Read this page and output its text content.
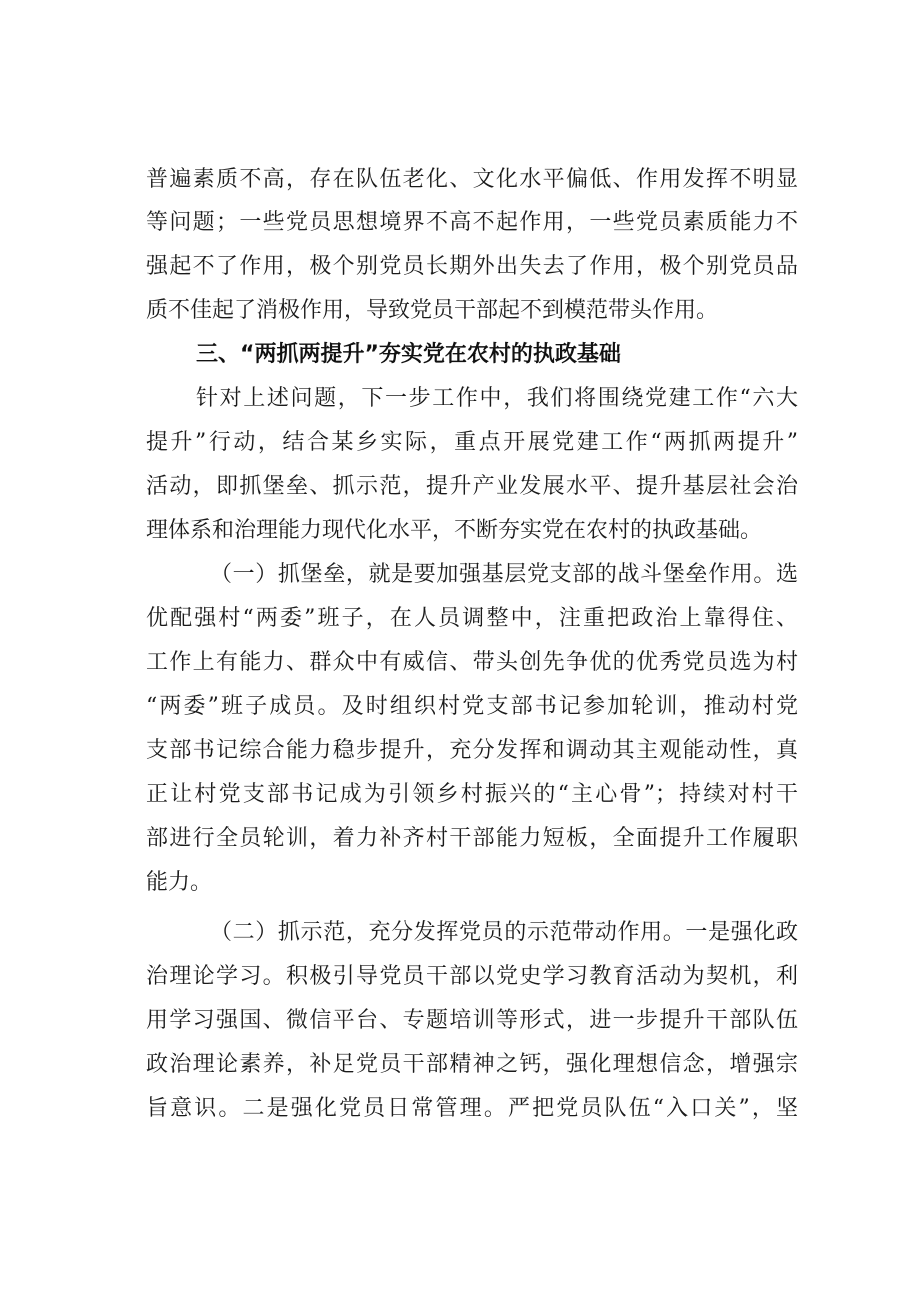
普遍素质不高，存在队伍老化、文化水平偏低、作用发挥不明显
等问题；一些党员思想境界不高不起作用，一些党员素质能力不
强起不了作用，极个别党员长期外出失去了作用，极个别党员品
质不佳起了消极作用，导致党员干部起不到模范带头作用。
三、“两抓两提升”夯实党在农村的执政基础
针对上述问题，下一步工作中，我们将围绕党建工作“六大
提升”行动，结合某乡实际，重点开展党建工作“两抓两提升”
活动，即抓堡垒、抓示范，提升产业发展水平、提升基层社会治
理体系和治理能力现代化水平，不断夯实党在农村的执政基础。
（一）抓堡垒，就是要加强基层党支部的战斗堡垒作用。选
优配强村“两委”班子，在人员调整中，注重把政治上靠得住、
工作上有能力、群众中有威信、带头创先争优的优秀党员选为村
“两委”班子成员。及时组织村党支部书记参加轮训，推动村党
支部书记综合能力稳步提升，充分发挥和调动其主观能动性，真
正让村党支部书记成为引领乡村振兴的“主心骨”；持续对村干
部进行全员轮训，着力补齐村干部能力短板，全面提升工作履职
能力。
（二）抓示范，充分发挥党员的示范带动作用。一是强化政
治理论学习。积极引导党员干部以党史学习教育活动为契机，利
用学习强国、微信平台、专题培训等形式，进一步提升干部队伍
政治理论素养，补足党员干部精神之钙，强化理想信念，增强宗
旨意识。二是强化党员日常管理。严把党员队伍“入口关”，坚
